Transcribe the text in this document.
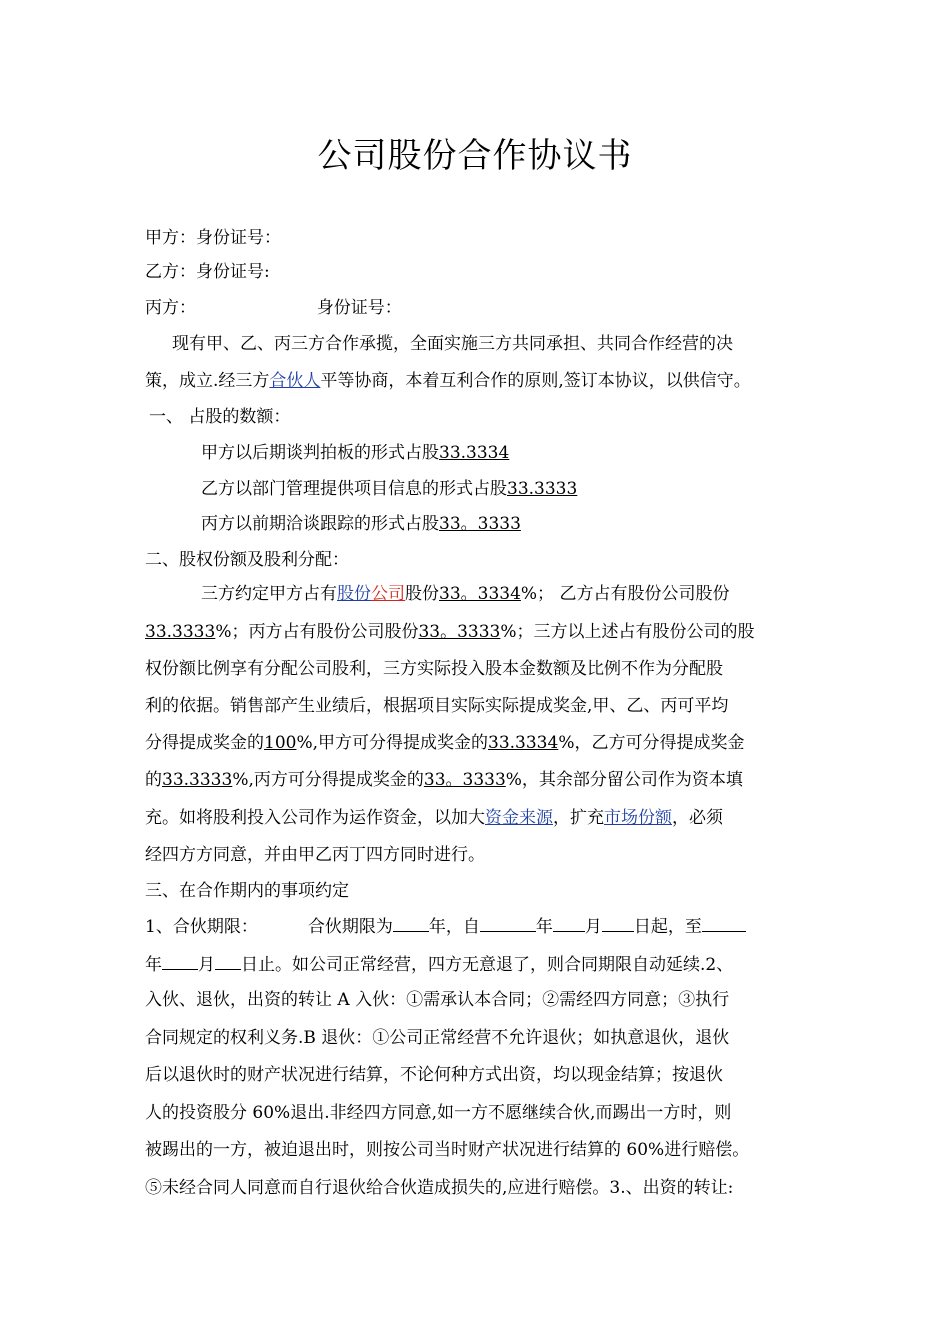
公司股份合作协议书
甲方：身份证号：
乙方：身份证号:
丙方：	身份证号：
现有甲、乙、丙三方合作承揽，全面实施三方共同承担、共同合作经营的决
策，成立.经三方合伙人平等协商，本着互利合作的原则,签订本协议，以供信守。
一、 占股的数额：
甲方以后期谈判拍板的形式占股33.3334
乙方以部门管理提供项目信息的形式占股33.3333
丙方以前期洽谈跟踪的形式占股33。3333
二、股权份额及股利分配：
三方约定甲方占有股份公司股份33。3334%； 乙方占有股份公司股份
33.3333%；丙方占有股份公司股份33。3333%；三方以上述占有股份公司的股
权份额比例享有分配公司股利，三方实际投入股本金数额及比例不作为分配股
利的依据。销售部产生业绩后，根据项目实际实际提成奖金,甲、乙、丙可平均
分得提成奖金的100%,甲方可分得提成奖金的33.3334%，乙方可分得提成奖金
的33.3333%,丙方可分得提成奖金的33。3333%，其余部分留公司作为资本填
充。如将股利投入公司作为运作资金，以加大资金来源，扩充市场份额，必须
经四方方同意，并由甲乙丙丁四方同时进行。
三、在合作期内的事项约定
1、合伙期限：	合伙期限为 年，自	年 月 日起，至
年 月 日止。如公司正常经营，四方无意退了，则合同期限自动延续.2、
入伙、退伙，出资的转让 A 入伙：①需承认本合同；②需经四方同意；③执行
合同规定的权利义务.B 退伙：①公司正常经营不允许退伙；如执意退伙，退伙
后以退伙时的财产状况进行结算，不论何种方式出资，均以现金结算；按退伙
人的投资股分 60%退出.非经四方同意,如一方不愿继续合伙,而踢出一方时，则
被踢出的一方，被迫退出时，则按公司当时财产状况进行结算的 60%进行赔偿。
⑤未经合同人同意而自行退伙给合伙造成损失的,应进行赔偿。3.、出资的转让:
